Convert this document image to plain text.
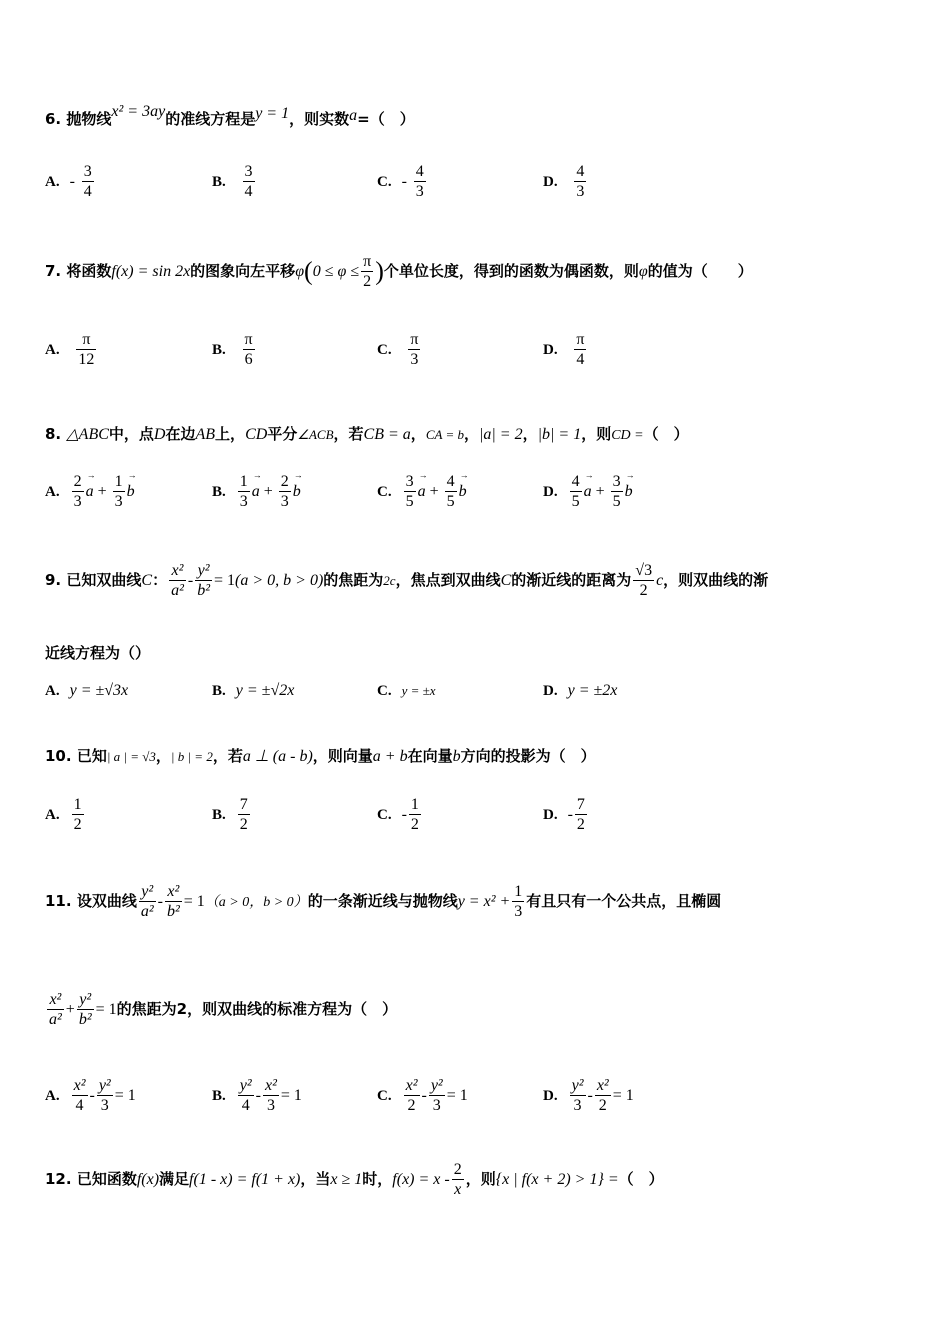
6. 抛物线x² = 3ay的准线方程是y = 1，则实数a=（　）
A. - $\frac{3}{4}$	B. $\frac{3}{4}$	C. - $\frac{4}{3}$	D. $\frac{4}{3}$
7. 将函数f(x) = sin 2x的图象向左平移$\varphi(0 \le \varphi \le \frac{\pi}{2}$ )个单位长度，得到的函数为偶函数，则φ的值为（　　）
A. $\frac{\pi}{12}$	B. $\frac{\pi}{6}$	C. $\frac{\pi}{3}$	D. $\frac{\pi}{4}$
8. △ABC中，点D在边AB上，CD平分∠ACB，若CB = a，CA = b，|a| = 2，|b| = 1，则CD =（　）
A. $\frac{2}{3}$
→ $a + \frac{1}{3}$
→ b	B. $\frac{1}{3}$
→ $a + \frac{2}{3}$
→ b	C. $\frac{3}{5}$
→ $a + \frac{4}{5}$
→ b	D. $\frac{4}{5}$
→ $a + \frac{3}{5}$
→ b
9. 已知双曲线C： $\frac{\text{x²}}{\text{a²}} - \frac{\text{y²}}{\text{b²}} = 1(a > 0$, b > 0)的焦距为2c，焦点到双曲线C的渐近线的距离为 $\frac{√3}{2}$ c，则双曲线的渐
近线方程为（）
A. y = ±√3x	B. y = ±√2x	C. y = ±x	D. y = ±2x
10. 已知| a | = √3，| b | = 2，若a ⊥ (a - b)，则向量a + b在向量b方向的投影为（　）
A. $\frac{1}{2}$	B. $\frac{7}{2}$	C. - $\frac{1}{2}$	D. - $\frac{7}{2}$
11. 设双曲线 $\frac{\text{y²}}{\text{a²}} - \frac{\text{x²}}{\text{b²}} = 1(a > 0$，b > 0）的一条渐近线与抛物线$y = x^2 + \frac{1}{3}$ 有且只有一个公共点，且椭圆
$\frac{\text{x²}}{\text{a²}} + \frac{\text{y²}}{\text{b²}} = 1$的焦距为2，则双曲线的标准方程为（　）
A. $\frac{\text{x²}}{4} - \frac{\text{y²}}{3} = 1$	B. $\frac{\text{y²}}{4} - \frac{\text{x²}}{3} = 1$	C. $\frac{\text{x²}}{2} - \frac{\text{y²}}{3} = 1$	D. $\frac{\text{y²}}{3} - \frac{\text{x²}}{2} = 1$
12. 已知函数f(x)满足f(1 - x) = f(1 + x)，当x ≥ 1时，$f(x) = x - \frac{2}{x}$ ，则{x | f(x + 2) > 1} =（　）
